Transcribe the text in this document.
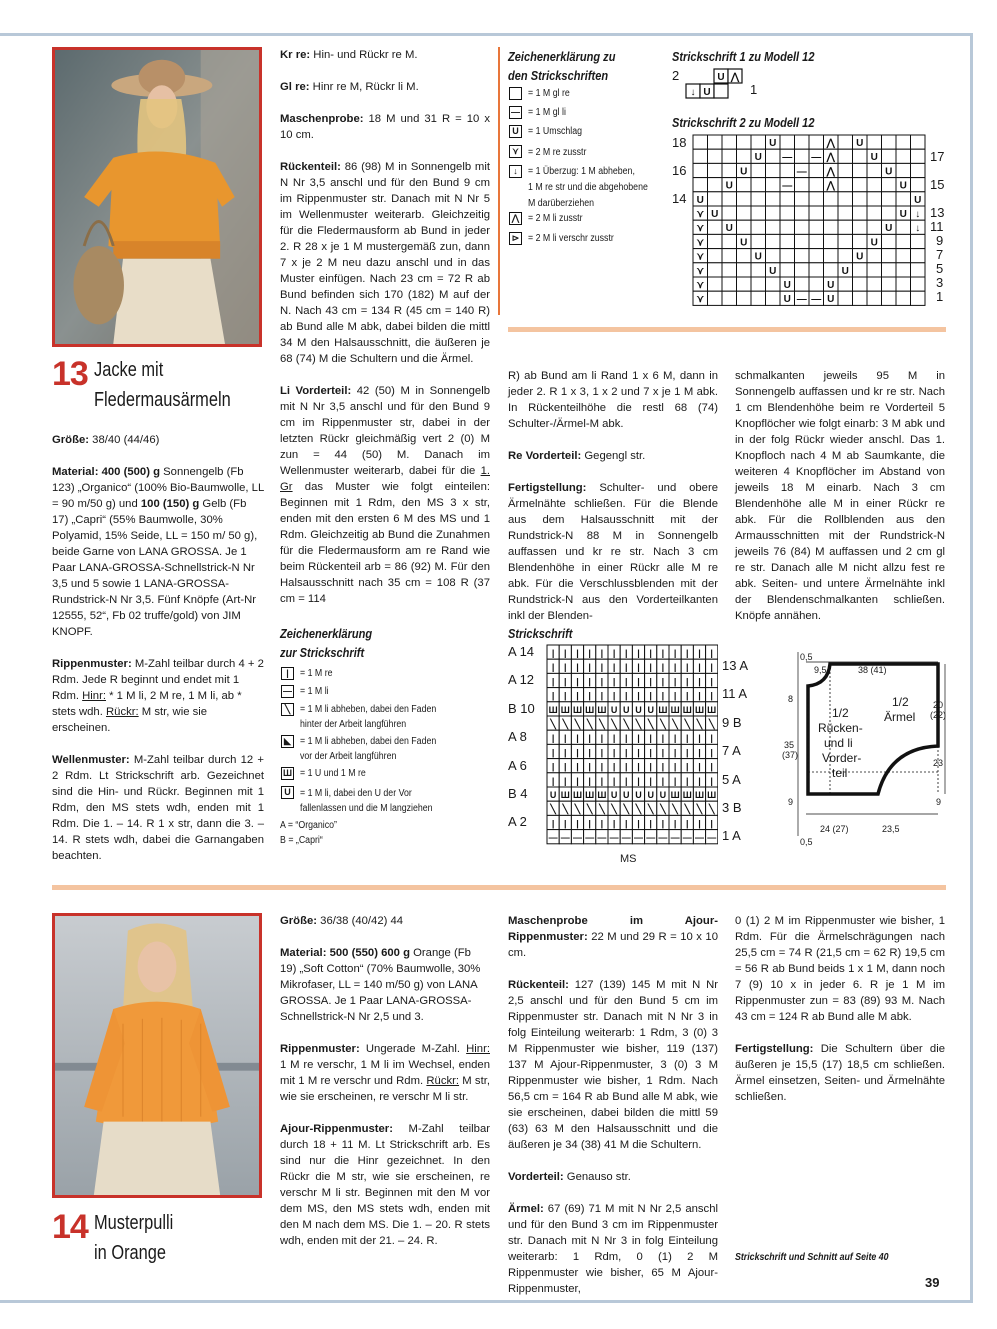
13 Jacke mit
Fledermausärmeln

Größe: 38/40 (44/46)

Material: 400 (500) g Sonnengelb (Fb 123) „Organico“ (100% Bio-Baumwolle, LL = 90 m/50 g) und 100 (150) g Gelb (Fb 17) „Capri“ (55% Baumwolle, 30% Polyamid, 15% Seide, LL = 150 m/ 50 g), beide Garne von LANA GROSSA. Je 1 Paar LANA-GROSSA-Schnellstrick-N Nr 3,5 und 5 sowie 1 LANA-GROSSA-Rundstrick-N Nr 3,5. Fünf Knöpfe (Art-Nr 12555, 52“, Fb 02 truffe/gold) von JIM KNOPF.

Rippenmuster: M-Zahl teilbar durch 4 + 2 Rdm. Jede R beginnt und endet mit 1 Rdm. Hinr: * 1 M li, 2 M re, 1 M li, ab * stets wdh. Rückr: M str, wie sie erscheinen.

Wellenmuster: M-Zahl teilbar durch 12 + 2 Rdm. Lt Strickschrift arb. Gezeichnet sind die Hin- und Rückr. Beginnen mit 1 Rdm, den MS stets wdh, enden mit 1 Rdm. Die 1. – 14. R 1 x str, dann die 3. – 14. R stets wdh, dabei die Garnangaben beachten.

Kr re: Hin- und Rückr re M.

Gl re: Hinr re M, Rückr li M.

Maschenprobe: 18 M und 31 R = 10 x 10 cm.

Rückenteil: 86 (98) M in Sonnengelb mit N Nr 3,5 anschl und für den Bund 9 cm im Rippenmuster str. Danach mit N Nr 5 im Wellenmuster weiterarb. Gleichzeitig für die Fledermausform ab Bund in jeder 2. R 28 x je 1 M mustergemäß zun, dann 7 x je 2 M neu dazu anschl und in das Muster einfügen. Nach 23 cm = 72 R ab Bund befinden sich 170 (182) M auf der N. Nach 43 cm = 134 R (45 cm = 140 R) ab Bund alle M abk, dabei bilden die mittl 34 M den Halsausschnitt, die äußeren je 68 (74) M die Schultern und die Ärmel.

Li Vorderteil: 42 (50) M in Sonnengelb mit N Nr 3,5 anschl und für den Bund 9 cm im Rippenmuster str, dabei in der letzten Rückr gleichmäßig vert 2 (0) M zun = 44 (50) M. Danach im Wellenmuster weiterarb, dabei für die 1. Gr das Muster wie folgt einteilen: Beginnen mit 1 Rdm, den MS 3 x str, enden mit den ersten 6 M des MS und 1 Rdm. Gleichzeitig ab Bund die Zunahmen für die Fledermausform am re Rand wie beim Rückenteil arb = 86 (92) M. Für den Halsausschnitt nach 35 cm = 108 R (37 cm = 114

Zeichenerklärung
zur Strickschrift
|	= 1 M re
— = 1 M li
╲ = 1 M li abheben, dabei den Faden
hinter der Arbeit langführen
◣ = 1 M li abheben, dabei den Faden
vor der Arbeit langführen
Ш = 1 U und 1 M re
U = 1 M li, dabei den U der Vor
fallenlassen und die M langziehen
A = “Organico”
B = „Capri“
Zeichenerklärung zu
den Strickschriften
= 1 M gl re
— = 1 M gl li
U = 1 Umschlag
⋎ = 2 M re zusstr
↓	= 1 Überzug: 1 M abheben,
1 M re str und die abgehobene
M darüberziehen
⋀ = 2 M li zusstr
⊳ = 2 M li verschr zusstr
Strickschrift 1 zu Modell 12
2
1
U ⋀
↓ U
Strickschrift 2 zu Modell 12
18
16
14
17
15
13
11
9
7
5
3
1
U	⋀ U
U — — ⋀	U
U	— ⋀	U
U	—	⋀	U
U	U
⋎ U	U ↓
⋎ U	U ↓
⋎	U	U
⋎	U	U
⋎	U	U
⋎	U	U
⋎	U — — U

R) ab Bund am li Rand 1 x 6 M, dann in jeder 2. R 1 x 3, 1 x 2 und 7 x je 1 M abk. In Rückenteilhöhe die restl 68 (74) Schulter-/Ärmel-M abk.

Re Vorderteil: Gegengl str.

Fertigstellung: Schulter- und obere Ärmelnähte schließen. Für die Blende aus dem Halsausschnitt mit der Rundstrick-N 88 M in Sonnengelb auffassen und kr re str. Nach 3 cm Blendenhöhe in einer Rückr alle M re abk. Für die Verschlussblenden mit der Rundstrick-N aus den Vorderteilkanten inkl der Blenden-

schmalkanten jeweils 95 M in Sonnengelb auffassen und kr re str. Nach 1 cm Blendenhöhe beim re Vorderteil 5 Knopflöcher wie folgt einarb: 3 M abk und in der folg Rückr wieder anschl. Das 1. Knopfloch nach 4 M ab Saumkante, die weiteren 4 Knopflöcher im Abstand von jeweils 18 M einarb. Nach 3 cm Blendenhöhe alle M in einer Rückr re abk. Für die Rollblenden aus den Armausschnitten mit der Rundstrick-N jeweils 76 (84) M auffassen und 2 cm gl re str. Danach alle M nicht allzu fest re abk. Seiten- und untere Ärmelnähte inkl der Blendenschmalkanten schließen. Knöpfe annähen.

Strickschrift
A 14
A 12
B 10
A 8
A 6
B 4
A 2
13 A
11 A
9 B
7 A
5 A
3 B
1 A
| | | | | | | | | | | | | |
| | | | | | | | | | | | | |
| | | | | | | | | | | | | |
| | | | | | | | | | | | | |
Ш Ш Ш Ш Ш U U U U Ш Ш Ш Ш Ш
╲ ╲ ╲ ╲ ╲ ╲ ╲ ╲ ╲ ╲ ╲ ╲ ╲ ╲
| | | | | | | | | | | | | |
| | | | | | | | | | | | | |
| | | | | | | | | | | | | |
| | | | | | | | | | | | | |
U Ш Ш Ш Ш U U U U U Ш Ш Ш Ш
╲ ╲ ╲ ╲ ╲ ╲ ╲ ╲ ╲ ╲ ╲ ╲ ╲ ╲
| | | | | | | | | | | | | |
— — — — — — — — — — — — — —
MS
0,5
9,5	38 (41)
8
35
(37)
9
20
(22)
23
9
24 (27)	23,5
0,5
1/2
Rücken-
und li
Vorder-
teil
1/2
Ärmel
14 Musterpulli
in Orange

Größe: 36/38 (40/42) 44

Material: 500 (550) 600 g Orange (Fb 19) „Soft Cotton“ (70% Baumwolle, 30% Mikrofaser, LL = 140 m/50 g) von LANA GROSSA. Je 1 Paar LANA-GROSSA-Schnellstrick-N Nr 2,5 und 3.

Rippenmuster: Ungerade M-Zahl. Hinr: 1 M re verschr, 1 M li im Wechsel, enden mit 1 M re verschr und Rdm. Rückr: M str, wie sie erscheinen, re verschr M li str.

Ajour-Rippenmuster: M-Zahl teilbar durch 18 + 11 M. Lt Strickschrift arb. Es sind nur die Hinr gezeichnet. In den Rückr die M str, wie sie erscheinen, re verschr M li str. Beginnen mit den M vor dem MS, den MS stets wdh, enden mit den M nach dem MS. Die 1. – 20. R stets wdh, enden mit der 21. – 24. R.

Maschenprobe im Ajour-Rippenmuster: 22 M und 29 R = 10 x 10 cm.

Rückenteil: 127 (139) 145 M mit N Nr 2,5 anschl und für den Bund 5 cm im Rippenmuster str. Danach mit N Nr 3 in folg Einteilung weiterarb: 1 Rdm, 3 (0) 3 M Rippenmuster wie bisher, 119 (137) 137 M Ajour-Rippenmuster, 3 (0) 3 M Rippenmuster wie bisher, 1 Rdm. Nach 56,5 cm = 164 R ab Bund alle M abk, wie sie erscheinen, dabei bilden die mittl 59 (63) 63 M den Halsausschnitt und die äußeren je 34 (38) 41 M die Schultern.

Vorderteil: Genauso str.

Ärmel: 67 (69) 71 M mit N Nr 2,5 anschl und für den Bund 3 cm im Rippenmuster str. Danach mit N Nr 3 in folg Einteilung weiterarb: 1 Rdm, 0 (1) 2 M Rippenmuster wie bisher, 65 M Ajour-Rippenmuster,

0 (1) 2 M im Rippenmuster wie bisher, 1 Rdm. Für die Ärmelschrägungen nach 25,5 cm = 74 R (21,5 cm = 62 R) 19,5 cm = 56 R ab Bund beids 1 x 1 M, dann noch 7 (9) 10 x in jeder 6. R je 1 M im Rippenmuster zun = 83 (89) 93 M. Nach 43 cm = 124 R ab Bund alle M abk.

Fertigstellung: Die Schultern über die äußeren je 15,5 (17) 18,5 cm schließen. Ärmel einsetzen, Seiten- und Ärmelnähte schließen.

Strickschrift und Schnitt auf Seite 40
39
